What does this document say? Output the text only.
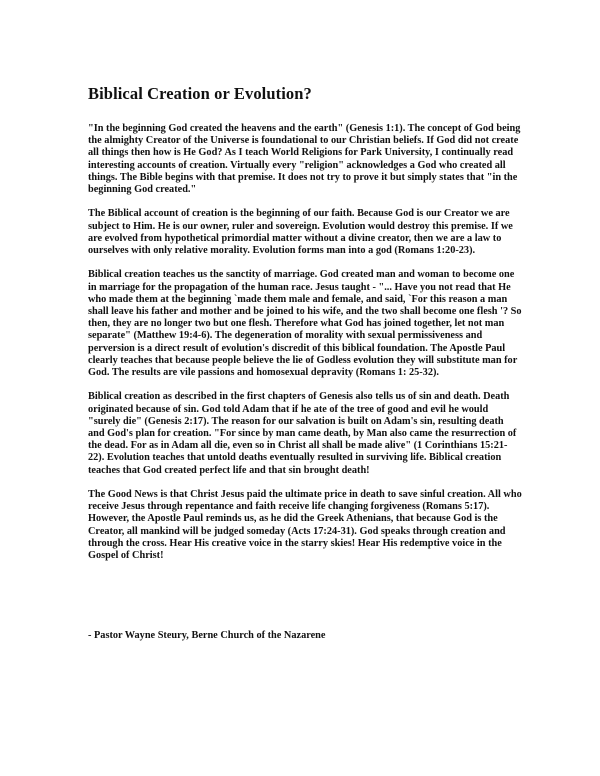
Biblical Creation or Evolution?

"In the beginning God created the heavens and the earth" (Genesis 1:1). The concept of God being the almighty Creator of the Universe is foundational to our Christian beliefs. If God did not create all things then how is He God? As I teach World Religions for Park University, I continually read interesting accounts of creation. Virtually every "religion" acknowledges a God who created all things. The Bible begins with that premise. It does not try to prove it but simply states that "in the beginning God created."

The Biblical account of creation is the beginning of our faith. Because God is our Creator we are subject to Him. He is our owner, ruler and sovereign. Evolution would destroy this premise. If we are evolved from hypothetical primordial matter without a divine creator, then we are a law to ourselves with only relative morality. Evolution forms man into a god (Romans 1:20-23).

Biblical creation teaches us the sanctity of marriage. God created man and woman to become one in marriage for the propagation of the human race. Jesus taught - "... Have you not read that He who made them at the beginning `made them male and female, and said, `For this reason a man shall leave his father and mother and be joined to his wife, and the two shall become one flesh '? So then, they are no longer two but one flesh. Therefore what God has joined together, let not man separate" (Matthew 19:4-6). The degeneration of morality with sexual permissiveness and perversion is a direct result of evolution's discredit of this biblical foundation. The Apostle Paul clearly teaches that because people believe the lie of Godless evolution they will substitute man for God. The results are vile passions and homosexual depravity (Romans 1: 25-32).

Biblical creation as described in the first chapters of Genesis also tells us of sin and death. Death originated because of sin. God told Adam that if he ate of the tree of good and evil he would "surely die" (Genesis 2:17). The reason for our salvation is built on Adam's sin, resulting death and God's plan for creation. "For since by man came death, by Man also came the resurrection of the dead. For as in Adam all die, even so in Christ all shall be made alive" (1 Corinthians 15:21-22). Evolution teaches that untold deaths eventually resulted in surviving life. Biblical creation teaches that God created perfect life and that sin brought death!

The Good News is that Christ Jesus paid the ultimate price in death to save sinful creation. All who receive Jesus through repentance and faith receive life changing forgiveness (Romans 5:17). However, the Apostle Paul reminds us, as he did the Greek Athenians, that because God is the Creator, all mankind will be judged someday (Acts 17:24-31). God speaks through creation and through the cross. Hear His creative voice in the starry skies! Hear His redemptive voice in the Gospel of Christ!

- Pastor Wayne Steury, Berne Church of the Nazarene
